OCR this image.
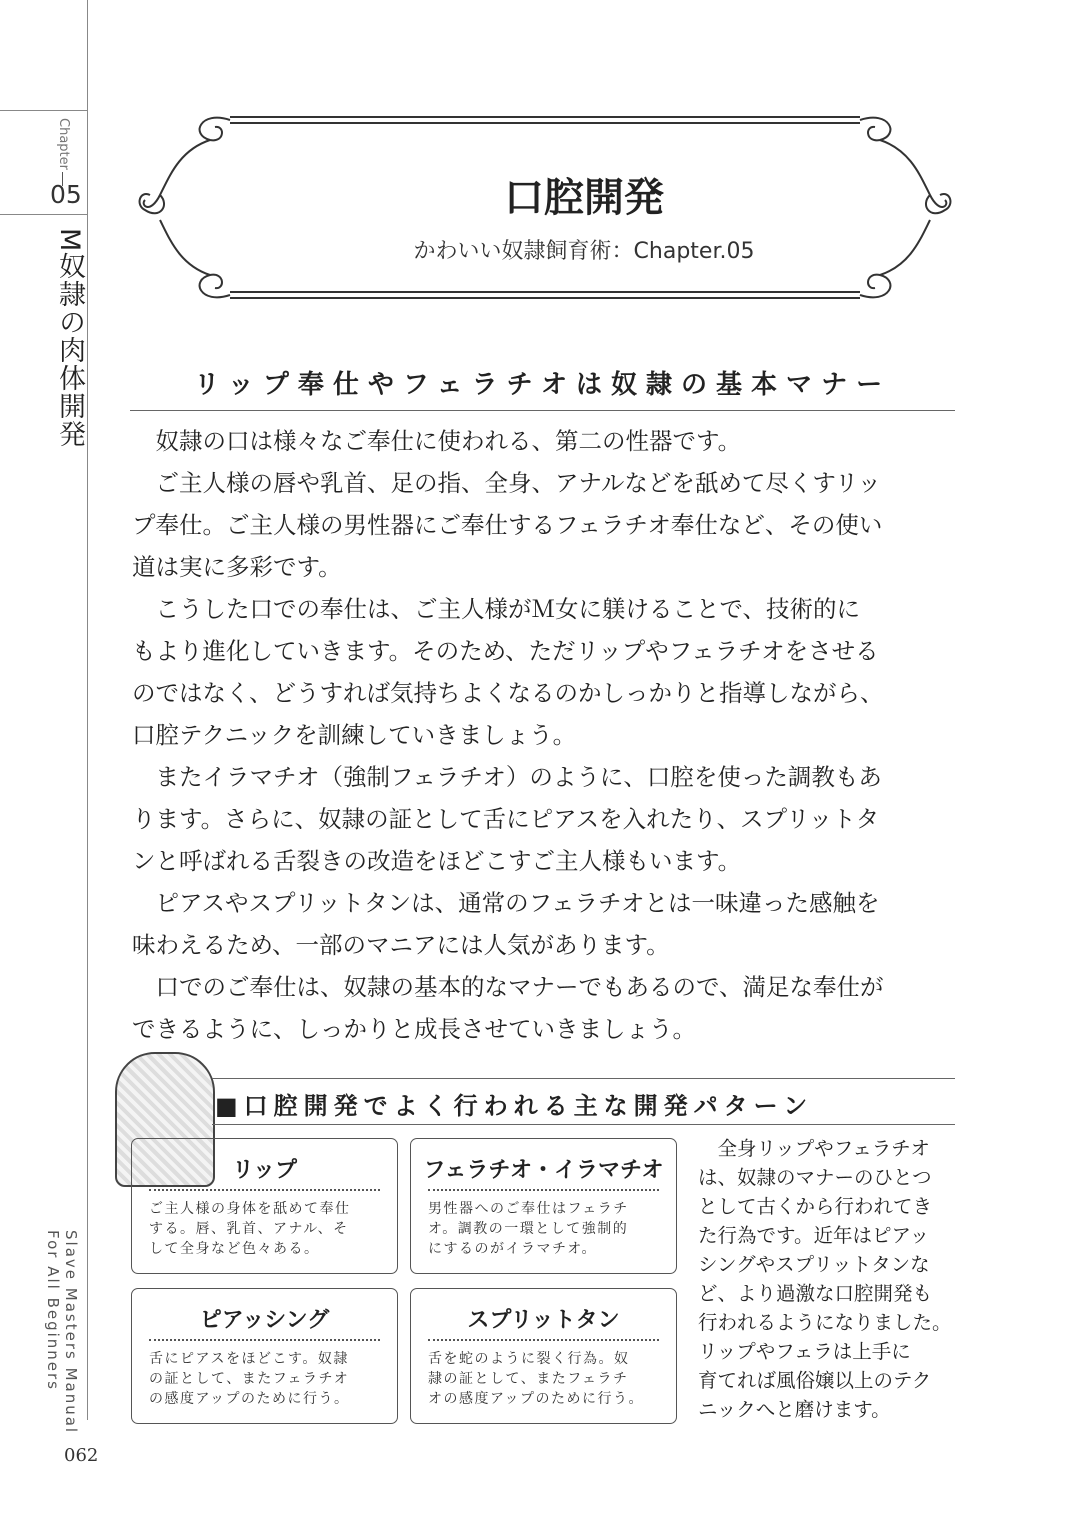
Chapter
05
M奴隷の肉体開発
Slave Masters Manual
For All Beginners
062
口腔開発
かわいい奴隷飼育術：Chapter.05
リップ奉仕やフェラチオは奴隷の基本マナー
　奴隷の口は様々なご奉仕に使われる、第二の性器です。
　ご主人様の唇や乳首、足の指、全身、アナルなどを舐めて尽くすリッ
プ奉仕。ご主人様の男性器にご奉仕するフェラチオ奉仕など、その使い
道は実に多彩です。
　こうした口での奉仕は、ご主人様がＭ女に躾けることで、技術的に
もより進化していきます。そのため、ただリップやフェラチオをさせる
のではなく、どうすれば気持ちよくなるのかしっかりと指導しながら、
口腔テクニックを訓練していきましょう。
　またイラマチオ（強制フェラチオ）のように、口腔を使った調教もあ
ります。さらに、奴隷の証として舌にピアスを入れたり、スプリットタ
ンと呼ばれる舌裂きの改造をほどこすご主人様もいます。
　ピアスやスプリットタンは、通常のフェラチオとは一味違った感触を
味わえるため、一部のマニアには人気があります。
　口でのご奉仕は、奴隷の基本的なマナーでもあるので、満足な奉仕が
できるように、しっかりと成長させていきましょう。
■口腔開発でよく行われる主な開発パターン
リップ
ご主人様の身体を舐めて奉仕
する。唇、乳首、アナル、そ
して全身など色々ある。
フェラチオ・イラマチオ
男性器へのご奉仕はフェラチ
オ。調教の一環として強制的
にするのがイラマチオ。
ピアッシング
舌にピアスをほどこす。奴隷
の証として、またフェラチオ
の感度アップのために行う。
スプリットタン
舌を蛇のように裂く行為。奴
隷の証として、またフェラチ
オの感度アップのために行う。
　全身リップやフェラチオ
は、奴隷のマナーのひとつ
として古くから行われてき
た行為です。近年はピアッ
シングやスプリットタンな
ど、より過激な口腔開発も
行われるようになりました。
リップやフェラは上手に
育てれば風俗嬢以上のテク
ニックへと磨けます。
